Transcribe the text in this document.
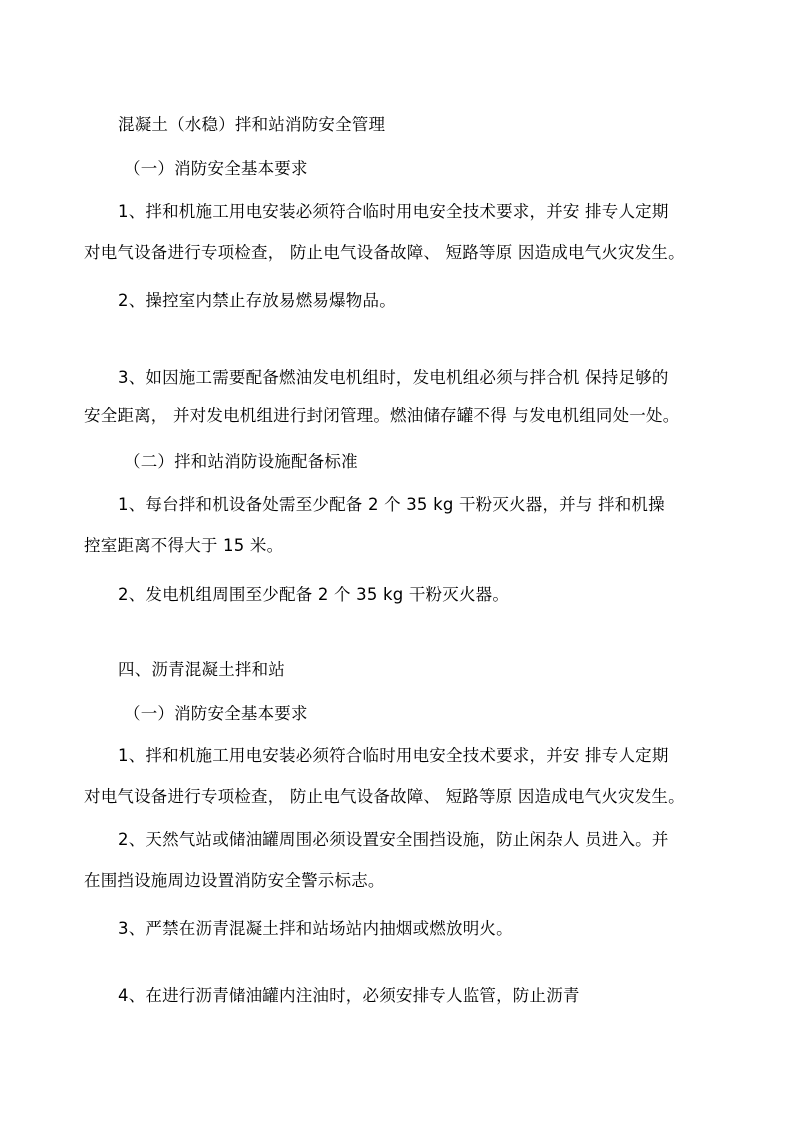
混凝土（水稳）拌和站消防安全管理

（一）消防安全基本要求

1、拌和机施工用电安装必须符合临时用电安全技术要求，并安 排专人定期

对电气设备进行专项检查， 防止电气设备故障、 短路等原 因造成电气火灾发生。

2、操控室内禁止存放易燃易爆物品。

3、如因施工需要配备燃油发电机组时，发电机组必须与拌合机 保持足够的

安全距离， 并对发电机组进行封闭管理。燃油储存罐不得 与发电机组同处一处。

（二）拌和站消防设施配备标准

1、每台拌和机设备处需至少配备 2 个 35 kg 干粉灭火器，并与 拌和机操

控室距离不得大于 15 米。

2、发电机组周围至少配备 2 个 35 kg 干粉灭火器。

四、沥青混凝土拌和站

（一）消防安全基本要求

1、拌和机施工用电安装必须符合临时用电安全技术要求，并安 排专人定期

对电气设备进行专项检查， 防止电气设备故障、 短路等原 因造成电气火灾发生。

2、天然气站或储油罐周围必须设置安全围挡设施，防止闲杂人 员进入。并

在围挡设施周边设置消防安全警示标志。

3、严禁在沥青混凝土拌和站场站内抽烟或燃放明火。

4、在进行沥青储油罐内注油时，必须安排专人监管，防止沥青
